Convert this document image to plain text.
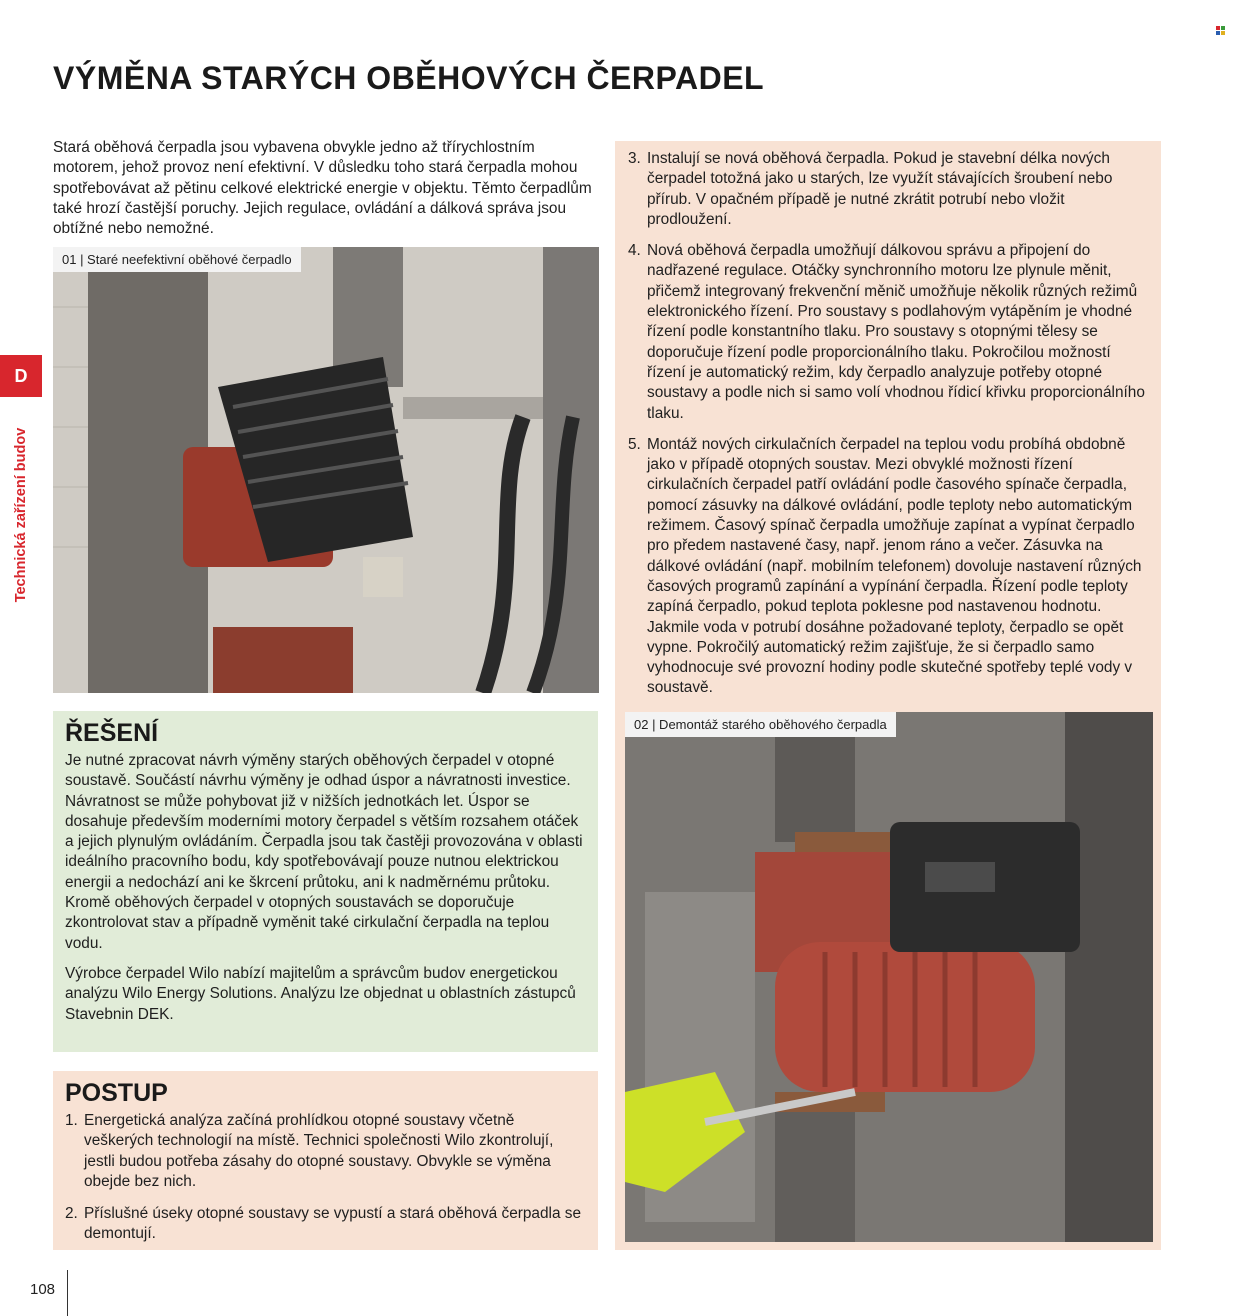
VÝMĚNA STARÝCH OBĚHOVÝCH ČERPADEL

Stará oběhová čerpadla jsou vybavena obvykle jedno až třírychlostním motorem, jehož provoz není efektivní. V důsledku toho stará čerpadla mohou spotřebovávat až pětinu celkové elektrické energie v objektu. Těmto čerpadlům také hrozí častější poruchy. Jejich regulace, ovládání a dálková správa jsou obtížné nebo nemožné.

D
Technická zařízení budov
01 | Staré neefektivní oběhové čerpadlo
ŘEŠENÍ

Je nutné zpracovat návrh výměny starých oběhových čerpadel v otopné soustavě. Součástí návrhu výměny je odhad úspor a návratnosti investice. Návratnost se může pohybovat již v nižších jednotkách let. Úspor se dosahuje především moderními motory čerpadel s větším rozsahem otáček a jejich plynulým ovládáním. Čerpadla jsou tak častěji provozována v oblasti ideálního pracovního bodu, kdy spotřebovávají pouze nutnou elektrickou energii a nedochází ani ke škrcení průtoku, ani k nadměrnému průtoku. Kromě oběhových čerpadel v otopných soustavách se doporučuje zkontrolovat stav a případně vyměnit také cirkulační čerpadla na teplou vodu.

Výrobce čerpadel Wilo nabízí majitelům a správcům budov energetickou analýzu Wilo Energy Solutions. Analýzu lze objednat u oblastních zástupců Stavebnin DEK.

POSTUP
1. Energetická analýza začíná prohlídkou otopné soustavy včetně veškerých technologií na místě. Technici společnosti Wilo zkontrolují, jestli budou potřeba zásahy do otopné soustavy. Obvykle se výměna obejde bez nich.
2. Příslušné úseky otopné soustavy se vypustí a stará oběhová čerpadla se demontují.
3. Instalují se nová oběhová čerpadla. Pokud je stavební délka nových čerpadel totožná jako u starých, lze využít stávajících šroubení nebo přírub. V opačném případě je nutné zkrátit potrubí nebo vložit prodloužení.
4. Nová oběhová čerpadla umožňují dálkovou správu a připojení do nadřazené regulace. Otáčky synchronního motoru lze plynule měnit, přičemž integrovaný frekvenční měnič umožňuje několik různých režimů elektronického řízení. Pro soustavy s podlahovým vytápěním je vhodné řízení podle konstantního tlaku. Pro soustavy s otopnými tělesy se doporučuje řízení podle proporcionálního tlaku. Pokročilou možností řízení je automatický režim, kdy čerpadlo analyzuje potřeby otopné soustavy a podle nich si samo volí vhodnou řídicí křivku proporcionálního tlaku.
5. Montáž nových cirkulačních čerpadel na teplou vodu probíhá obdobně jako v případě otopných soustav. Mezi obvyklé možnosti řízení cirkulačních čerpadel patří ovládání podle časového spínače čerpadla, pomocí zásuvky na dálkové ovládání, podle teploty nebo automatickým režimem. Časový spínač čerpadla umožňuje zapínat a vypínat čerpadlo pro předem nastavené časy, např. jenom ráno a večer. Zásuvka na dálkové ovládání (např. mobilním telefonem) dovoluje nastavení různých časových programů zapínání a vypínání čerpadla. Řízení podle teploty zapíná čerpadlo, pokud teplota poklesne pod nastavenou hodnotu. Jakmile voda v potrubí dosáhne požadované teploty, čerpadlo se opět vypne. Pokročilý automatický režim zajišťuje, že si čerpadlo samo vyhodnocuje své provozní hodiny podle skutečné spotřeby teplé vody v soustavě.
02 | Demontáž starého oběhového čerpadla
108
